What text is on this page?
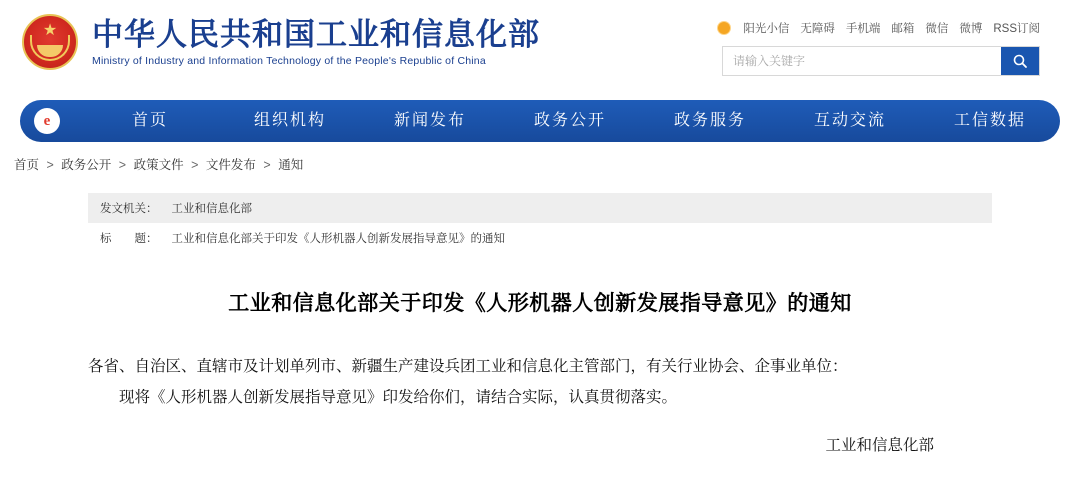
★ 中华人民共和国工业和信息化部
Ministry of Industry and Information Technology of the People's Republic of China
阳光小信 无障碍 手机端 邮箱 微信 微博 RSS订阅
请输入关键字
e	首页	组织机构	新闻发布	政务公开	政务服务	互动交流	工信数据
首页 > 政务公开 > 政策文件 > 文件发布 > 通知
发文机关： 工业和信息化部
标　　题： 工业和信息化部关于印发《人形机器人创新发展指导意见》的通知
工业和信息化部关于印发《人形机器人创新发展指导意见》的通知

各省、自治区、直辖市及计划单列市、新疆生产建设兵团工业和信息化主管部门，有关行业协会、企事业单位：

现将《人形机器人创新发展指导意见》印发给你们，请结合实际，认真贯彻落实。

工业和信息化部
